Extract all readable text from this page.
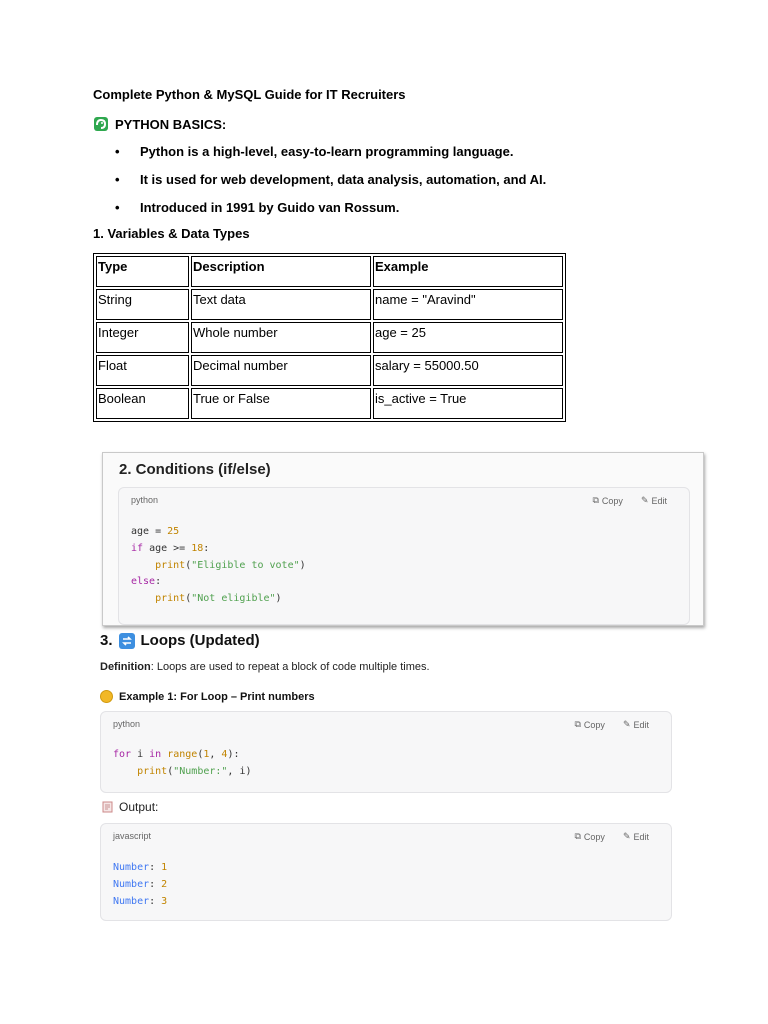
Complete Python & MySQL Guide for IT Recruiters
PYTHON BASICS:
• Python is a high-level, easy-to-learn programming language.
• It is used for web development, data analysis, automation, and AI.
• Introduced in 1991 by Guido van Rossum.
1. Variables & Data Types
Type	Description	Example
String	Text data	name = "Aravind"
Integer	Whole number	age = 25
Float	Decimal number	salary = 55000.50
Boolean	True or False	is_active = True
2. Conditions (if/else)
python	⧉ Copy ✎ Edit
age = 25
if age >= 18:
print("Eligible to vote")
else:
print("Not eligible")
3. Loops (Updated)
Definition: Loops are used to repeat a block of code multiple times.
Example 1: For Loop – Print numbers
python	⧉ Copy ✎ Edit
for i in range(1, 4):
print("Number:", i)
Output:
javascript	⧉ Copy ✎ Edit
Number: 1
Number: 2
Number: 3
